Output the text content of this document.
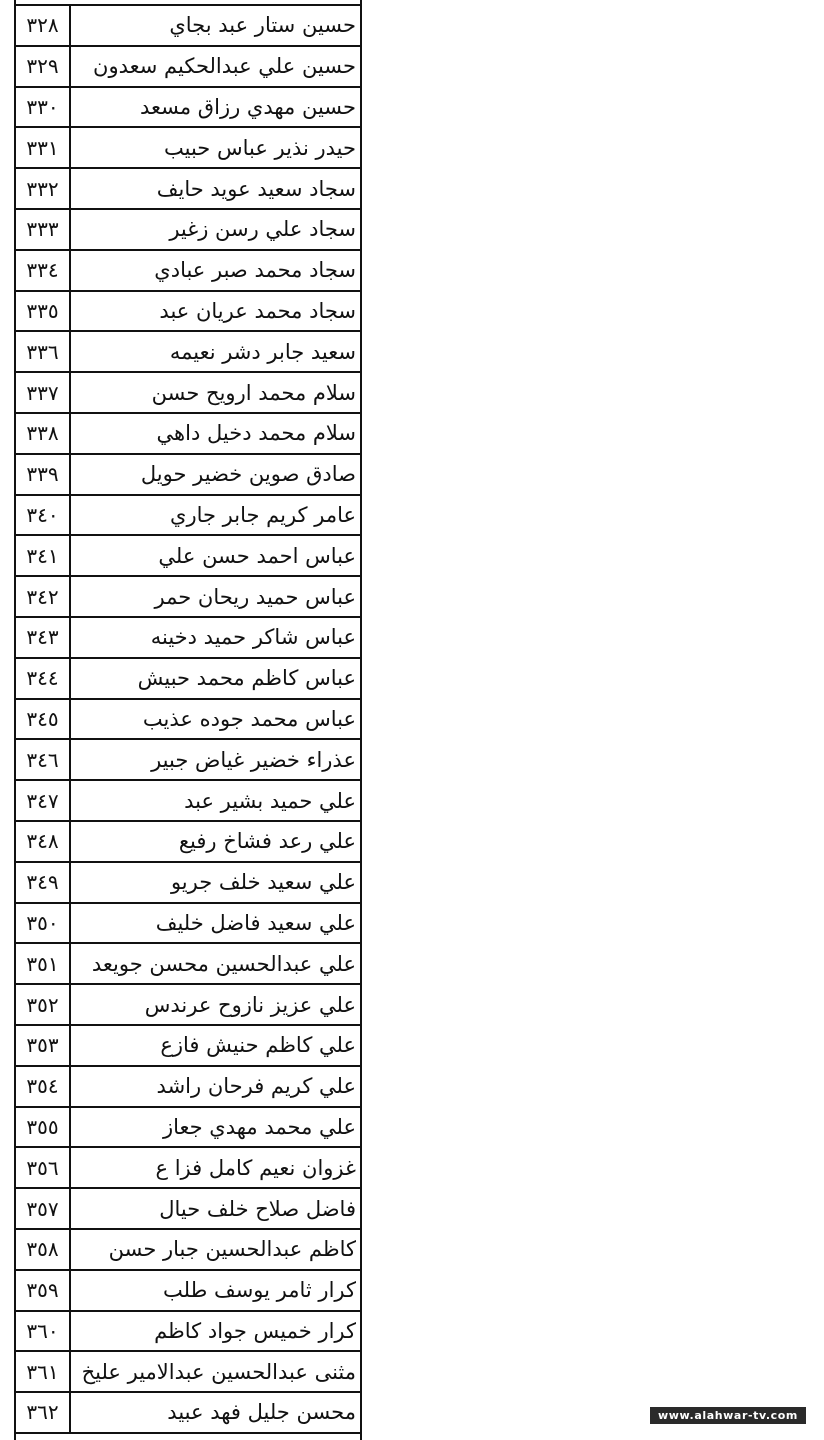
٣٢٨	حسين ستار عبد بجاي
٣٢٩	حسين علي عبدالحكيم سعدون
٣٣٠	حسين مهدي رزاق مسعد
٣٣١	حيدر نذير عباس حبيب
٣٣٢	سجاد سعيد عويد حايف
٣٣٣	سجاد علي رسن زغير
٣٣٤	سجاد محمد صبر عبادي
٣٣٥	سجاد محمد عريان عبد
٣٣٦	سعيد جابر دشر نعيمه
٣٣٧	سلام محمد ارويح حسن
٣٣٨	سلام محمد دخيل داهي
٣٣٩	صادق صوين خضير حويل
٣٤٠	عامر كريم جابر جاري
٣٤١	عباس احمد حسن علي
٣٤٢	عباس حميد ريحان حمر
٣٤٣	عباس شاكر حميد دخينه
٣٤٤	عباس كاظم محمد حبيش
٣٤٥	عباس محمد جوده عذيب
٣٤٦	عذراء خضير غياض جبير
٣٤٧	علي حميد بشير عبد
٣٤٨	علي رعد فشاخ رفيع
٣٤٩	علي سعيد خلف جريو
٣٥٠	علي سعيد فاضل خليف
٣٥١	علي عبدالحسين محسن جويعد
٣٥٢	علي عزيز نازوح عرندس
٣٥٣	علي كاظم حنيش فازع
٣٥٤	علي كريم فرحان راشد
٣٥٥	علي محمد مهدي جعاز
٣٥٦	غزوان نعيم كامل فزا ع
٣٥٧	فاضل صلاح خلف حيال
٣٥٨	كاظم عبدالحسين جبار حسن
٣٥٩	كرار ثامر يوسف طلب
٣٦٠	كرار خميس جواد كاظم
٣٦١	مثنى عبدالحسين عبدالامير عليخ
٣٦٢	محسن جليل فهد عبيد	www.alahwar-tv.com
